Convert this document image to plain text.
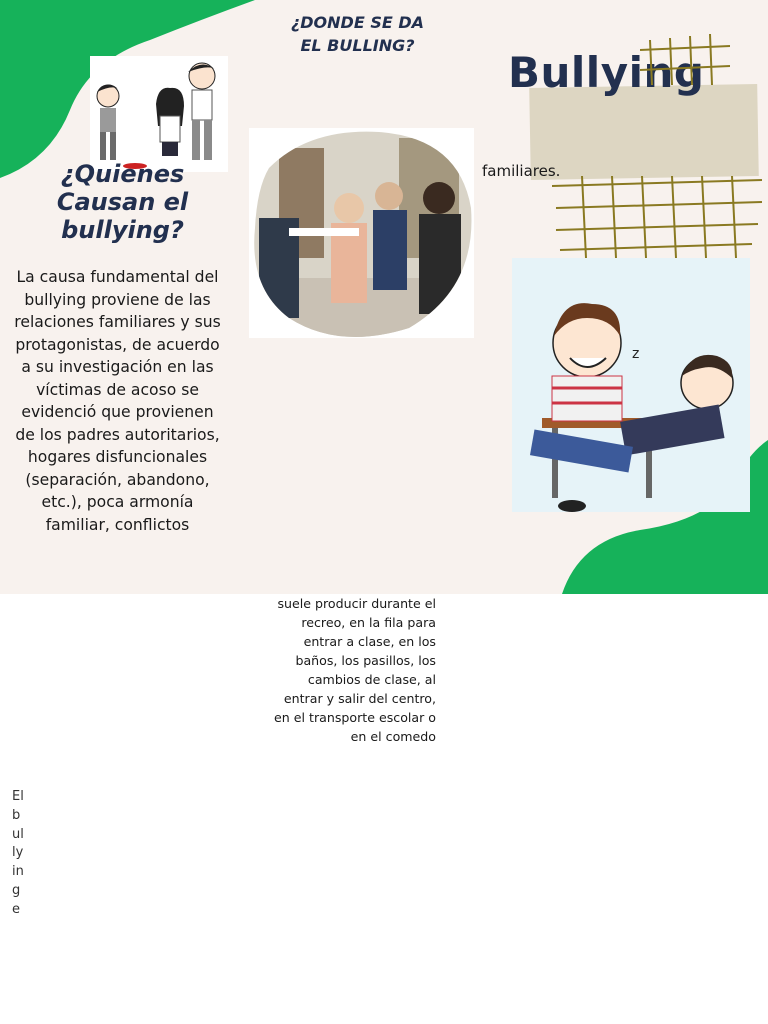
¿Quienes Causan el bullying?
La causa fundamental del bullying proviene de las relaciones familiares y sus protagonistas, de acuerdo a su investigación en las víctimas de acoso se evidenció que provienen de los padres autoritarios, hogares disfuncionales (separación, abandono, etc.), poca armonía familiar, conflictos
¿DONDE SE DA EL BULLING?
Bullying
familiares.
z
suele producir durante el recreo, en la fila para entrar a clase, en los baños, los pasillos, los cambios de clase, al entrar y salir del centro, en el transporte escolar o en el comedo
El bullying e
